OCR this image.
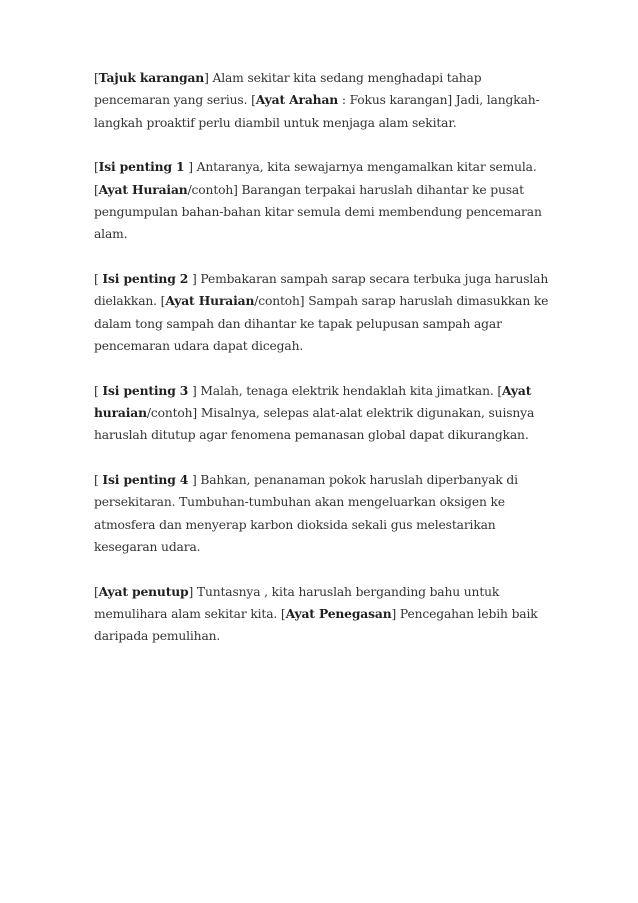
[Tajuk karangan] Alam sekitar kita sedang menghadapi tahap pencemaran yang serius. [Ayat Arahan : Fokus karangan] Jadi, langkah-langkah proaktif perlu diambil untuk menjaga alam sekitar.

[Isi penting 1 ] Antaranya, kita sewajarnya mengamalkan kitar semula. [Ayat Huraian/contoh] Barangan terpakai haruslah dihantar ke pusat pengumpulan bahan-bahan kitar semula demi membendung pencemaran alam.

[ Isi penting 2 ] Pembakaran sampah sarap secara terbuka juga haruslah dielakkan. [Ayat Huraian/contoh] Sampah sarap haruslah dimasukkan ke dalam tong sampah dan dihantar ke tapak pelupusan sampah agar pencemaran udara dapat dicegah.

[ Isi penting 3 ] Malah, tenaga elektrik hendaklah kita jimatkan. [Ayat huraian/contoh] Misalnya, selepas alat-alat elektrik digunakan, suisnya haruslah ditutup agar fenomena pemanasan global dapat dikurangkan.

[ Isi penting 4 ] Bahkan, penanaman pokok haruslah diperbanyak di persekitaran. Tumbuhan-tumbuhan akan mengeluarkan oksigen ke atmosfera dan menyerap karbon dioksida sekali gus melestarikan kesegaran udara.

[Ayat penutup] Tuntasnya , kita haruslah berganding bahu untuk memulihara alam sekitar kita. [Ayat Penegasan] Pencegahan lebih baik daripada pemulihan.
